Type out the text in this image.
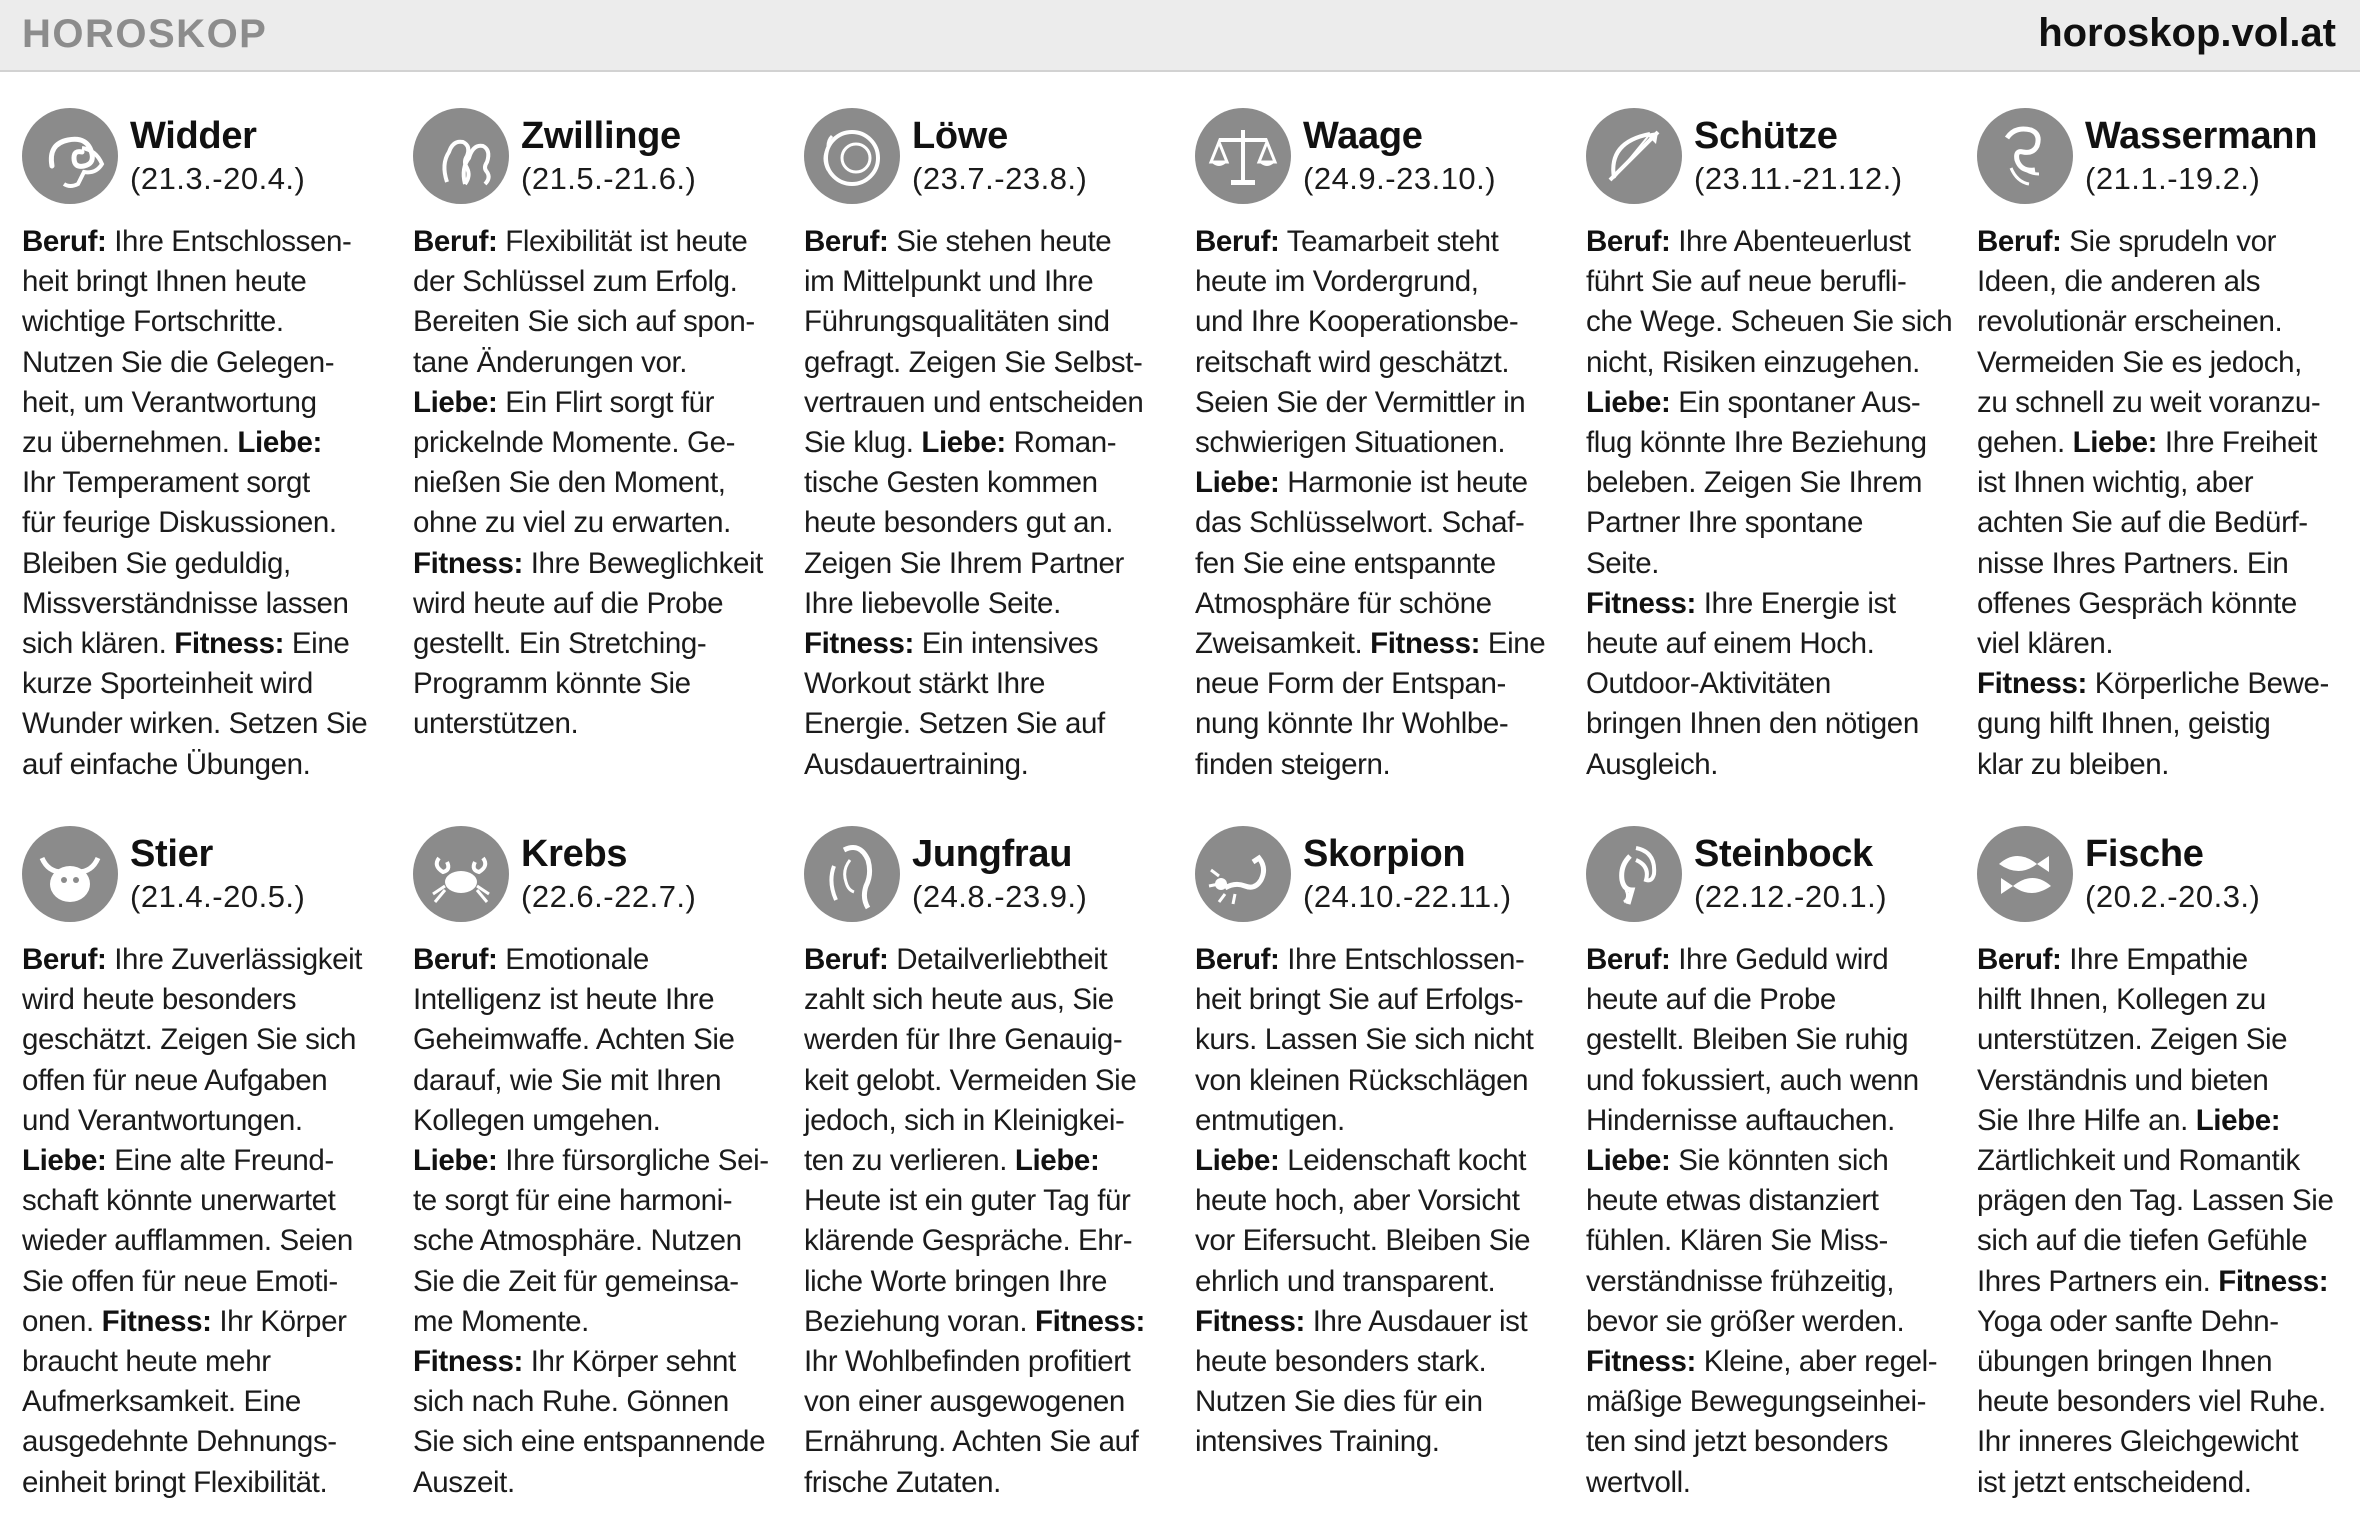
HOROSKOP	horoskop.vol.at
Widder
(21.3.-20.4.)
Beruf: Ihre Entschlossen-
heit bringt Ihnen heute
wichtige Fortschritte.
Nutzen Sie die Gelegen-
heit, um Verantwortung
zu übernehmen. Liebe:
Ihr Temperament sorgt
für feurige Diskussionen.
Bleiben Sie geduldig,
Missverständnisse lassen
sich klären. Fitness: Eine
kurze Sporteinheit wird
Wunder wirken. Setzen Sie
auf einfache Übungen.
Zwillinge
(21.5.-21.6.)
Beruf: Flexibilität ist heute
der Schlüssel zum Erfolg.
Bereiten Sie sich auf spon-
tane Änderungen vor.
Liebe: Ein Flirt sorgt für
prickelnde Momente. Ge-
nießen Sie den Moment,
ohne zu viel zu erwarten.
Fitness: Ihre Beweglichkeit
wird heute auf die Probe
gestellt. Ein Stretching-
Programm könnte Sie
unterstützen.
Löwe
(23.7.-23.8.)
Beruf: Sie stehen heute
im Mittelpunkt und Ihre
Führungsqualitäten sind
gefragt. Zeigen Sie Selbst-
vertrauen und entscheiden
Sie klug. Liebe: Roman-
tische Gesten kommen
heute besonders gut an.
Zeigen Sie Ihrem Partner
Ihre liebevolle Seite.
Fitness: Ein intensives
Workout stärkt Ihre
Energie. Setzen Sie auf
Ausdauertraining.
Waage
(24.9.-23.10.)
Beruf: Teamarbeit steht
heute im Vordergrund,
und Ihre Kooperationsbe-
reitschaft wird geschätzt.
Seien Sie der Vermittler in
schwierigen Situationen.
Liebe: Harmonie ist heute
das Schlüsselwort. Schaf-
fen Sie eine entspannte
Atmosphäre für schöne
Zweisamkeit. Fitness: Eine
neue Form der Entspan-
nung könnte Ihr Wohlbe-
finden steigern.
Schütze
(23.11.-21.12.)
Beruf: Ihre Abenteuerlust
führt Sie auf neue berufli-
che Wege. Scheuen Sie sich
nicht, Risiken einzugehen.
Liebe: Ein spontaner Aus-
flug könnte Ihre Beziehung
beleben. Zeigen Sie Ihrem
Partner Ihre spontane
Seite.
Fitness: Ihre Energie ist
heute auf einem Hoch.
Outdoor-Aktivitäten
bringen Ihnen den nötigen
Ausgleich.
Wassermann
(21.1.-19.2.)
Beruf: Sie sprudeln vor
Ideen, die anderen als
revolutionär erscheinen.
Vermeiden Sie es jedoch,
zu schnell zu weit voranzu-
gehen. Liebe: Ihre Freiheit
ist Ihnen wichtig, aber
achten Sie auf die Bedürf-
nisse Ihres Partners. Ein
offenes Gespräch könnte
viel klären.
Fitness: Körperliche Bewe-
gung hilft Ihnen, geistig
klar zu bleiben.
Stier
(21.4.-20.5.)
Beruf: Ihre Zuverlässigkeit
wird heute besonders
geschätzt. Zeigen Sie sich
offen für neue Aufgaben
und Verantwortungen.
Liebe: Eine alte Freund-
schaft könnte unerwartet
wieder aufflammen. Seien
Sie offen für neue Emoti-
onen. Fitness: Ihr Körper
braucht heute mehr
Aufmerksamkeit. Eine
ausgedehnte Dehnungs-
einheit bringt Flexibilität.
Krebs
(22.6.-22.7.)
Beruf: Emotionale
Intelligenz ist heute Ihre
Geheimwaffe. Achten Sie
darauf, wie Sie mit Ihren
Kollegen umgehen.
Liebe: Ihre fürsorgliche Sei-
te sorgt für eine harmoni-
sche Atmosphäre. Nutzen
Sie die Zeit für gemeinsa-
me Momente.
Fitness: Ihr Körper sehnt
sich nach Ruhe. Gönnen
Sie sich eine entspannende
Auszeit.
Jungfrau
(24.8.-23.9.)
Beruf: Detailverliebtheit
zahlt sich heute aus, Sie
werden für Ihre Genauig-
keit gelobt. Vermeiden Sie
jedoch, sich in Kleinigkei-
ten zu verlieren. Liebe:
Heute ist ein guter Tag für
klärende Gespräche. Ehr-
liche Worte bringen Ihre
Beziehung voran. Fitness:
Ihr Wohlbefinden profitiert
von einer ausgewogenen
Ernährung. Achten Sie auf
frische Zutaten.
Skorpion
(24.10.-22.11.)
Beruf: Ihre Entschlossen-
heit bringt Sie auf Erfolgs-
kurs. Lassen Sie sich nicht
von kleinen Rückschlägen
entmutigen.
Liebe: Leidenschaft kocht
heute hoch, aber Vorsicht
vor Eifersucht. Bleiben Sie
ehrlich und transparent.
Fitness: Ihre Ausdauer ist
heute besonders stark.
Nutzen Sie dies für ein
intensives Training.
Steinbock
(22.12.-20.1.)
Beruf: Ihre Geduld wird
heute auf die Probe
gestellt. Bleiben Sie ruhig
und fokussiert, auch wenn
Hindernisse auftauchen.
Liebe: Sie könnten sich
heute etwas distanziert
fühlen. Klären Sie Miss-
verständnisse frühzeitig,
bevor sie größer werden.
Fitness: Kleine, aber regel-
mäßige Bewegungseinhei-
ten sind jetzt besonders
wertvoll.
Fische
(20.2.-20.3.)
Beruf: Ihre Empathie
hilft Ihnen, Kollegen zu
unterstützen. Zeigen Sie
Verständnis und bieten
Sie Ihre Hilfe an. Liebe:
Zärtlichkeit und Romantik
prägen den Tag. Lassen Sie
sich auf die tiefen Gefühle
Ihres Partners ein. Fitness:
Yoga oder sanfte Dehn-
übungen bringen Ihnen
heute besonders viel Ruhe.
Ihr inneres Gleichgewicht
ist jetzt entscheidend.
